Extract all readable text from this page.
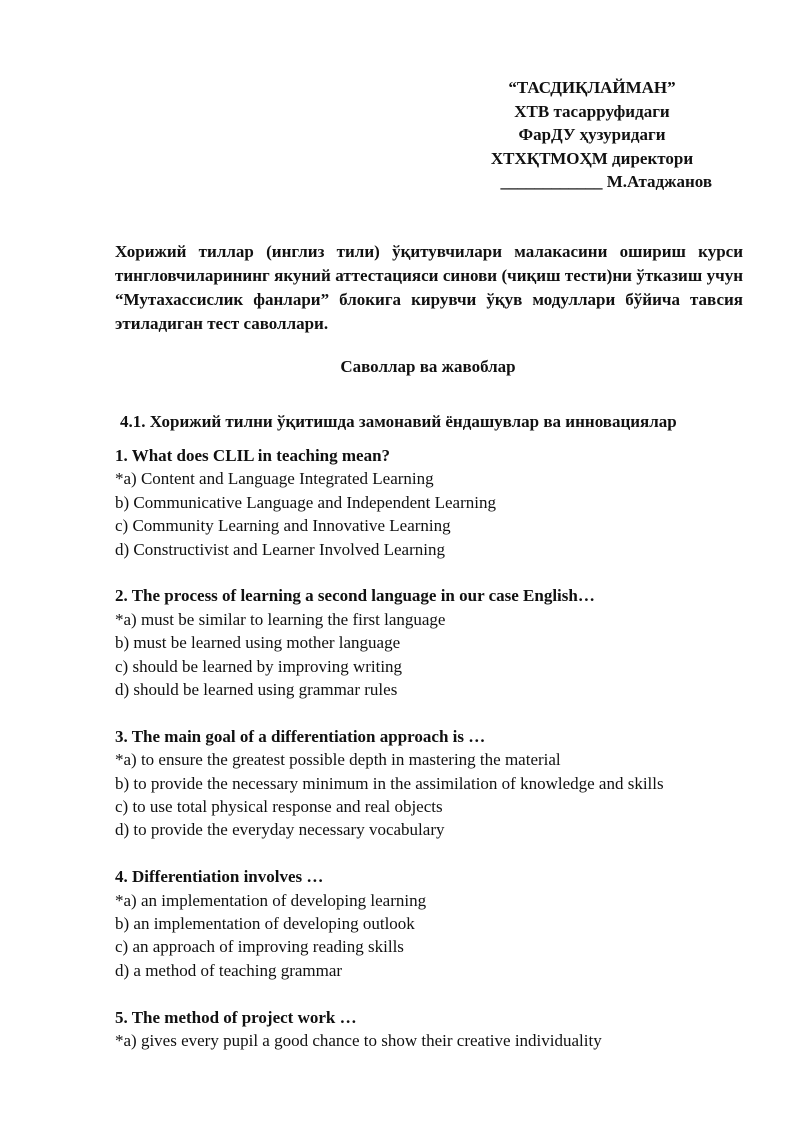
“ТАСДИҚЛАЙМАН”
ХТВ тасарруфидаги
ФарДУ ҳузуридаги
ХТХҚТМОҲМ директори
____________ М.Атаджанов
Хорижий тиллар (инглиз тили) ўқитувчилари малакасини ошириш курси тингловчиларининг якуний аттестацияси синови (чиқиш тести)ни ўтказиш учун “Мутахассислик фанлари” блокига кирувчи ўқув модуллари бўйича тавсия этиладиган тест саволлари.
Саволлар ва жавоблар
4.1. Хорижий тилни ўқитишда замонавий ёндашувлар ва инновациялар
1. What does CLIL in teaching mean?
*a) Content and Language Integrated Learning
b) Communicative Language and Independent Learning
c) Community Learning and Innovative Learning
d) Constructivist and Learner Involved Learning
2. The process of learning a second language in our case English…
*a) must be similar to learning the first language
b) must be learned using mother language
c) should be learned by improving writing
d) should be learned using grammar rules
3. The main goal of a differentiation approach is …
*a) to ensure the greatest possible depth in mastering the material
b) to provide the necessary minimum in the assimilation of knowledge and skills
c) to use total physical response and real objects
d) to provide the everyday necessary vocabulary
4. Differentiation involves …
*a) an implementation of developing learning
b) an implementation of developing outlook
c) an approach of improving reading skills
d) a method of teaching grammar
5. The method of project work …
*a) gives every pupil a good chance to show their creative individuality
